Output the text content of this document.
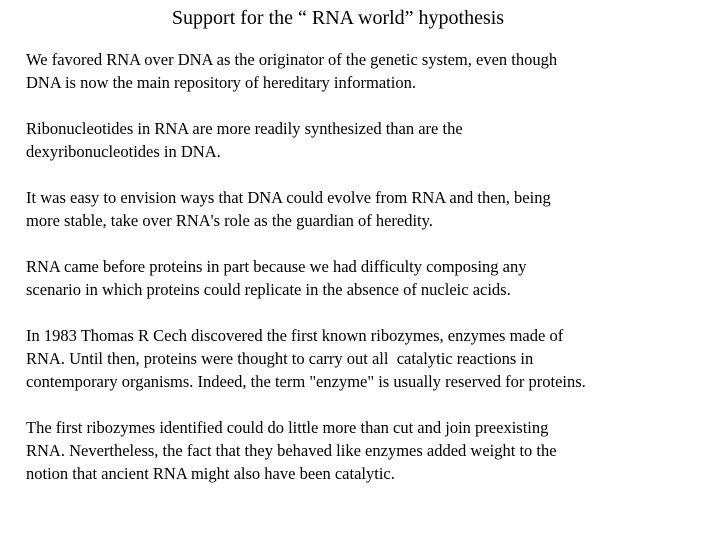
Support for the “ RNA world” hypothesis

We favored RNA over DNA as the originator of the genetic system, even though
DNA is now the main repository of hereditary information.

Ribonucleotides in RNA are more readily synthesized than are the
dexyribonucleotides in DNA.

It was easy to envision ways that DNA could evolve from RNA and then, being
more stable, take over RNA's role as the guardian of heredity.

RNA came before proteins in part because we had difficulty composing any
scenario in which proteins could replicate in the absence of nucleic acids.

In 1983 Thomas R Cech discovered the first known ribozymes, enzymes made of
RNA. Until then, proteins were thought to carry out all  catalytic reactions in
contemporary organisms. Indeed, the term "enzyme" is usually reserved for proteins.

The first ribozymes identified could do little more than cut and join preexisting
RNA. Nevertheless, the fact that they behaved like enzymes added weight to the
notion that ancient RNA might also have been catalytic.
